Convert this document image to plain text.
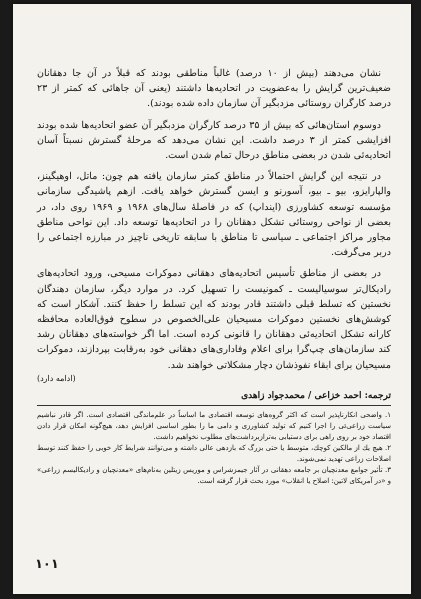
نشان می‌دهند (بیش از ۱۰ درصد) غالباً مناطقی بودند که قبلاً در آن جا دهقانان ضعیف‌ترین گرایش را به‌عضویت در اتحادیه‌ها داشتند (یعنی آن جاهائی که کمتر از ۲۳ درصد کارگران روستائی مزدبگیر آن سازمان داده شده بودند).

دوسوم استان‌هائی که بیش از ۳۵ درصد کارگران مزدبگیر آن عضو اتحادیه‌ها شده بودند افزایشی کمتر از ۳ درصد داشت. این نشان می‌دهد که مرحلهٔ گسترش نسبتاً آسان اتحادیه‌ئی شدن در بعضی مناطق درحال تمام شدن است.

در نتیجه این گرایش احتمالاً در مناطق کمتر سازمان یافته هم چون: ماتل، اوهیگینز، والپارایزو، بیو ـ بیو، آسورنو و ایسن گسترش خواهد یافت. ازهم پاشیدگی سازمانی مؤسسه توسعه کشاورزی (اینداپ) که در فاصلهٔ سال‌های ۱۹۶۸ و ۱۹۶۹ روی داد، در بعضی از نواحی روستائی تشکل دهقانان را در اتحادیه‌ها توسعه داد. این نواحی مناطق مجاور مراکز اجتماعی ـ سیاسی تا مناطق با سابقه تاریخی ناچیز در مبارزه اجتماعی را دربر می‌گرفت.

در بعضی از مناطق تأسیس اتحادیه‌های دهقانی دموکرات مسیحی، ورود اتحادیه‌های رادیکال‌تر سوسیالیست ـ کمونیست را تسهیل کرد. در موارد دیگر، سازمان دهندگان نخستین که تسلط قبلی داشتند قادر بودند که این تسلط را حفظ کنند. آشکار است که کوشش‌های نخستین دموکرات مسیحیان علی‌الخصوص در سطوح فوق‌العاده محافظه کارانه تشکل اتحادیه‌ئی دهقانان را قانونی کرده است. اما اگر خواسته‌های دهقانان رشد کند سازمان‌های چپ‌گرا برای اعلام وفاداری‌های دهقانی خود به‌رقابت بپردازند، دموکرات مسیحیان برای ابقاء نفوذشان دچار مشکلاتی خواهند شد.

(ادامه دارد)

ترجمه: احمد خزاعی / محمدجواد زاهدی

۱. واضحی انکارناپذیر است که اکثر گروه‌های توسعه اقتصادی ما اساساً در علم‌ماندگی اقتصادی است. اگر قادر نباشیم سیاست زراعی‌ئی را اجرا کنیم که تولید کشاورزی و دامی ما را بطور اساسی افزایش دهد، هیچ‌گونه امکان قرار دادن اقتصاد خود بر روی راهی برای دستیابی به‌ترازبرداشت‌های مطلوب نخواهیم داشت.

۲. هیچ یك از مالکین کوچك، متوسط یا حتی بزرگ که بازدهی عالی داشته و می‌توانند شرایط کار خوبی را حفظ کنند توسط اصلاحات زراعی تهدید نمی‌شوند.

۳. تأثیر جوامع معدنچیان بر جامعه دهقانی در آثار جیمزشراس و موریس زیتلین به‌نام‌های «معدنچیان و رادیکالیسم زراعی» و «در آمریکای لاتین: اصلاح یا انقلاب» مورد بحث قرار گرفته است.

۱۰۱
